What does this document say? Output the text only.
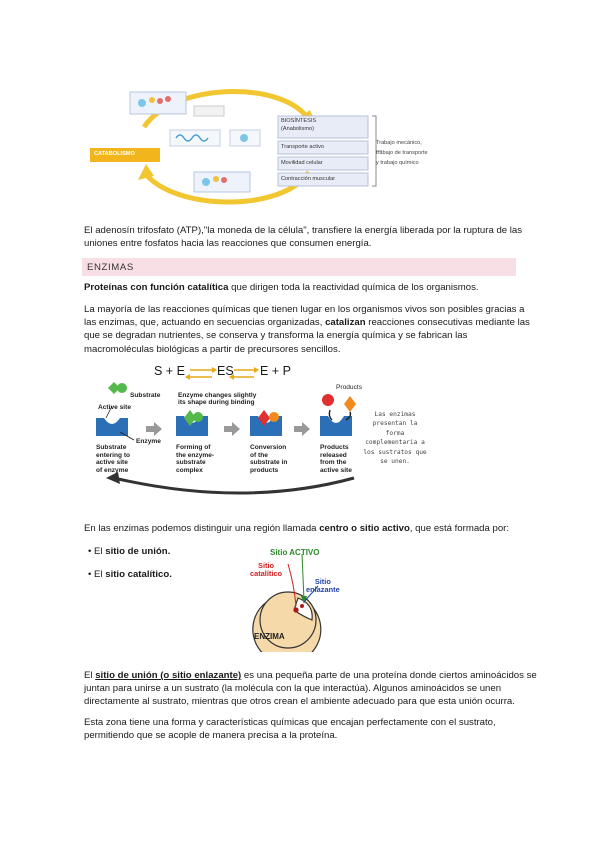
CATABOLISMO
BIOSÍNTESIS
(Anabolismo)
Transporte activo
Movilidad celular
Contracción muscular
Trabajo mecánico,
trabajo de transporte
y trabajo químico
El adenosín trifosfato (ATP),"la moneda de la célula", transfiere la energía liberada por la ruptura de las
uniones entre fosfatos hacia las reacciones que consumen energía.
ENZIMAS
Proteínas con función catalítica que dirigen toda la reactividad química de los organismos.
La mayoría de las reacciones químicas que tienen lugar en los organismos vivos son posibles gracias a
las enzimas, que, actuando en secuencias organizadas, catalizan reacciones consecutivas mediante las
que se degradan nutrientes, se conserva y transforma la energía química y se fabrican las
macromoléculas biológicas a partir de precursores sencillos.
S + E	ES E + P
Substrate
Active site
Enzyme
Enzyme changes slightly
its shape during binding
Products
Substrate
entering to
active site
of enzyme
Forming of
the enzyme-
substrate
complex
Conversion
of the
substrate in
products
Products
released
from the
active site
Las enzimas
presentan la
forma
complementaria a
los sustratos que
se unen.
En las enzimas podemos distinguir una región llamada centro o sitio activo, que está formada por:
• El sitio de unión.
• El sitio catalítico.
Sitio ACTIVO
Sitio
catalítico
Sitio
enlazante
ENZIMA
El sitio de unión (o sitio enlazante) es una pequeña parte de una proteína donde ciertos aminoácidos se
juntan para unirse a un sustrato (la molécula con la que interactúa). Algunos aminoácidos se unen
directamente al sustrato, mientras que otros crean el ambiente adecuado para que esta unión ocurra.
Esta zona tiene una forma y características químicas que encajan perfectamente con el sustrato,
permitiendo que se acople de manera precisa a la proteína.
